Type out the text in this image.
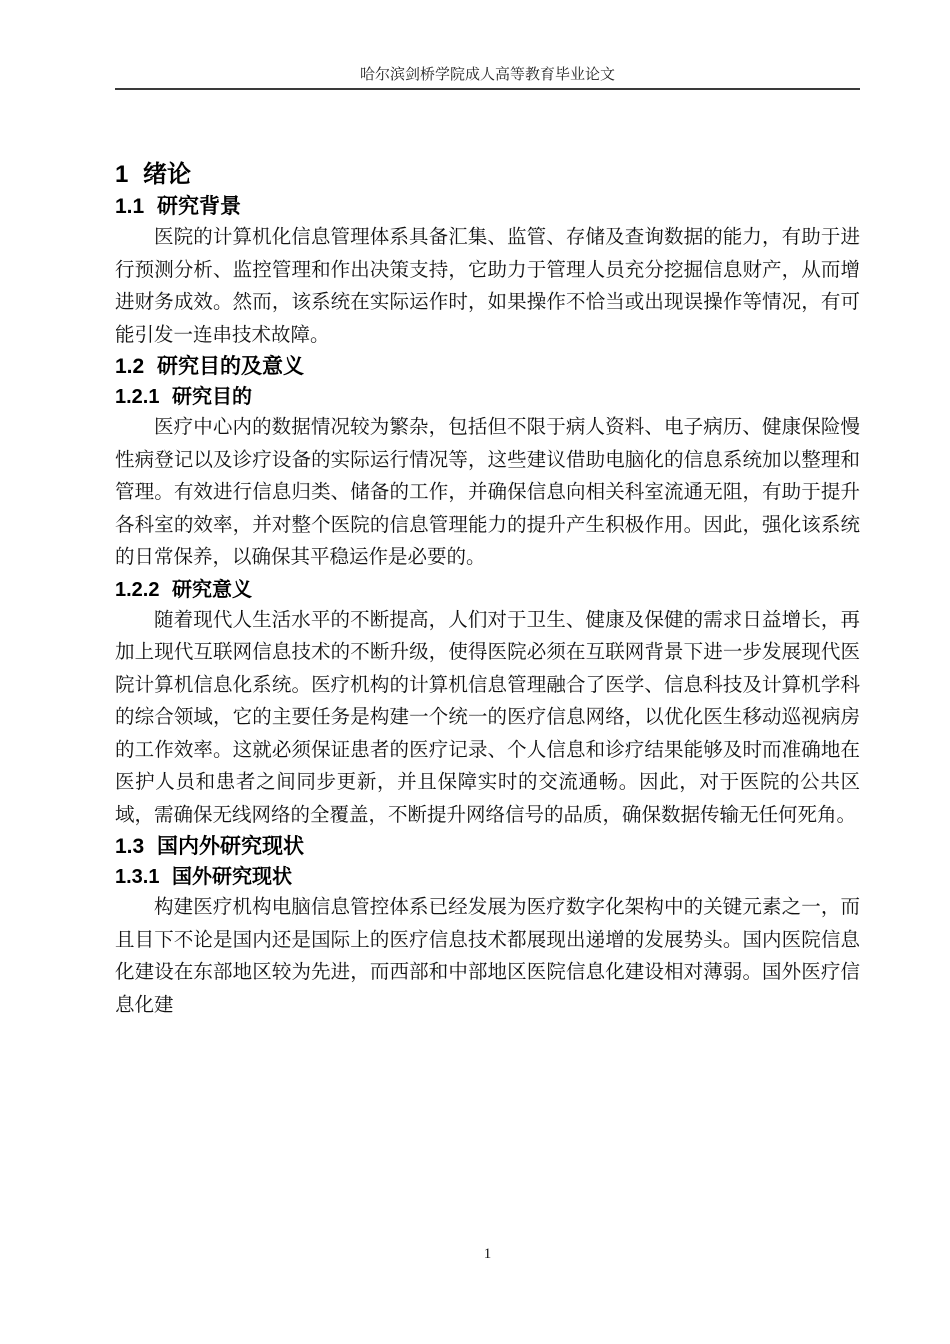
哈尔滨剑桥学院成人高等教育毕业论文
1 绪论
1.1 研究背景

医院的计算机化信息管理体系具备汇集、监管、存储及查询数据的能力，有助于进行预测分析、监控管理和作出决策支持，它助力于管理人员充分挖掘信息财产，从而增进财务成效。然而，该系统在实际运作时，如果操作不恰当或出现误操作等情况，有可能引发一连串技术故障。

1.2 研究目的及意义
1.2.1 研究目的

医疗中心内的数据情况较为繁杂，包括但不限于病人资料、电子病历、健康保险慢性病登记以及诊疗设备的实际运行情况等，这些建议借助电脑化的信息系统加以整理和管理。有效进行信息归类、储备的工作，并确保信息向相关科室流通无阻，有助于提升各科室的效率，并对整个医院的信息管理能力的提升产生积极作用。因此，强化该系统的日常保养，以确保其平稳运作是必要的。

1.2.2 研究意义

随着现代人生活水平的不断提高，人们对于卫生、健康及保健的需求日益增长，再加上现代互联网信息技术的不断升级，使得医院必须在互联网背景下进一步发展现代医院计算机信息化系统。医疗机构的计算机信息管理融合了医学、信息科技及计算机学科的综合领域，它的主要任务是构建一个统一的医疗信息网络，以优化医生移动巡视病房的工作效率。这就必须保证患者的医疗记录、个人信息和诊疗结果能够及时而准确地在医护人员和患者之间同步更新，并且保障实时的交流通畅。因此，对于医院的公共区域，需确保无线网络的全覆盖，不断提升网络信号的品质，确保数据传输无任何死角。

1.3 国内外研究现状
1.3.1 国外研究现状

构建医疗机构电脑信息管控体系已经发展为医疗数字化架构中的关键元素之一，而且目下不论是国内还是国际上的医疗信息技术都展现出递增的发展势头。国内医院信息化建设在东部地区较为先进，而西部和中部地区医院信息化建设相对薄弱。国外医疗信息化建

1
